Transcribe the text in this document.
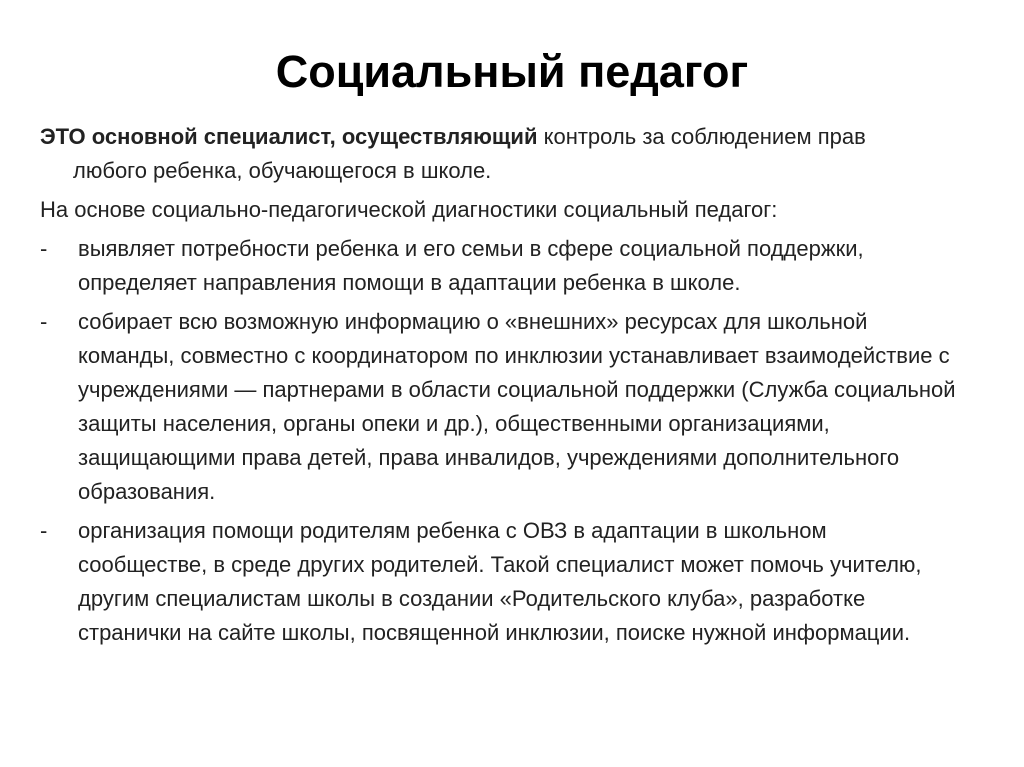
Социальный педагог
ЭТО основной специалист, осуществляющий контроль за соблюдением прав
любого ребенка, обучающегося в школе.
На основе социально-педагогической диагностики социальный педагог:
-	выявляет потребности ребенка и его семьи в сфере социальной поддержки, определяет направления помощи в адаптации ребенка в школе.
-	собирает всю возможную информацию о «внешних» ресурсах для школьной команды, совместно с координатором по инклюзии устанавливает взаимодействие с учреждениями — партнерами в области социальной поддержки (Служба социальной защиты населения, органы опеки и др.), общественными организациями, защищающими права детей, права инвалидов, учреждениями дополнительного образования.
-	организация помощи родителям ребенка с ОВЗ в адаптации в школьном сообществе, в среде других родителей. Такой специалист может помочь учителю, другим специалистам школы в создании «Родительского клуба», разработке странички на сайте школы, посвященной инклюзии, поиске нужной информации.
